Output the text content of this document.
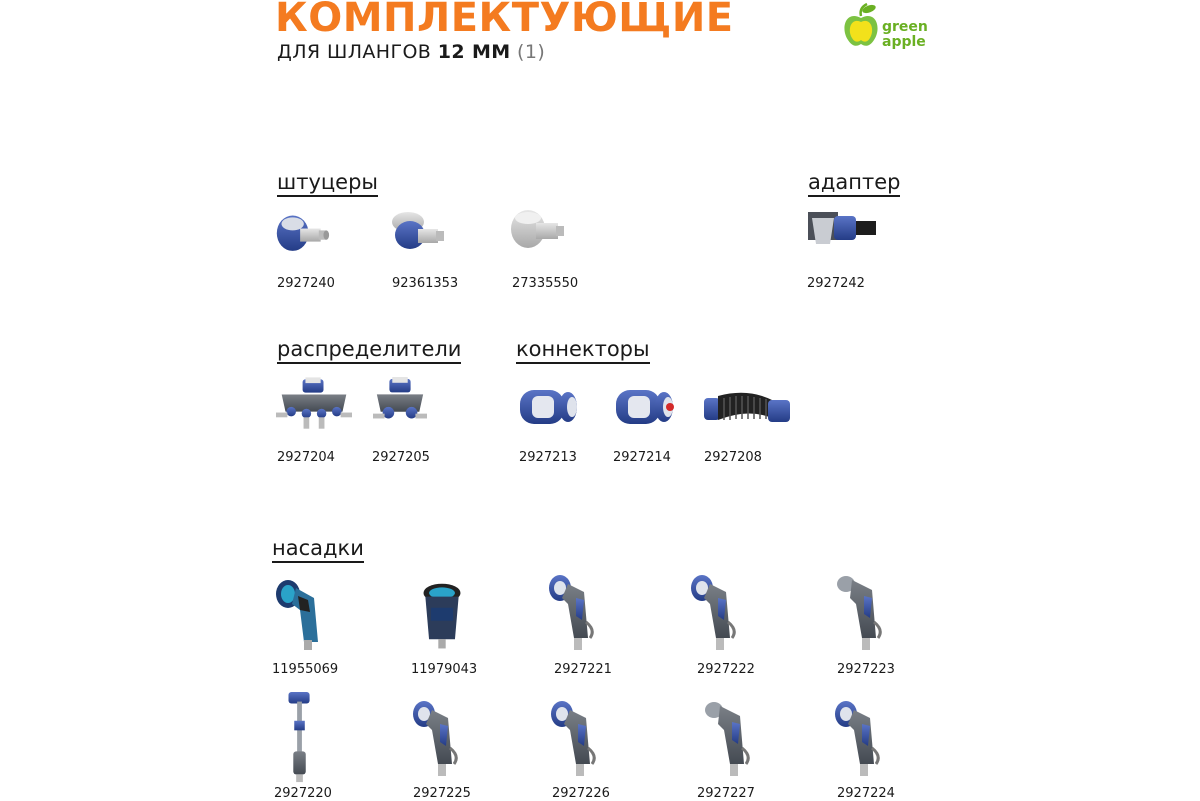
КОМПЛЕКТУЮЩИЕ
ДЛЯ ШЛАНГОВ 12 ММ (1)
green
apple
штуцеры
2927240	92361353	27335550
адаптер
2927242
распределители
2927204	2927205
коннекторы
2927213	2927214	2927208
насадки
11955069	11979043	2927221	2927222	2927223
2927220	2927225	2927226	2927227	2927224
